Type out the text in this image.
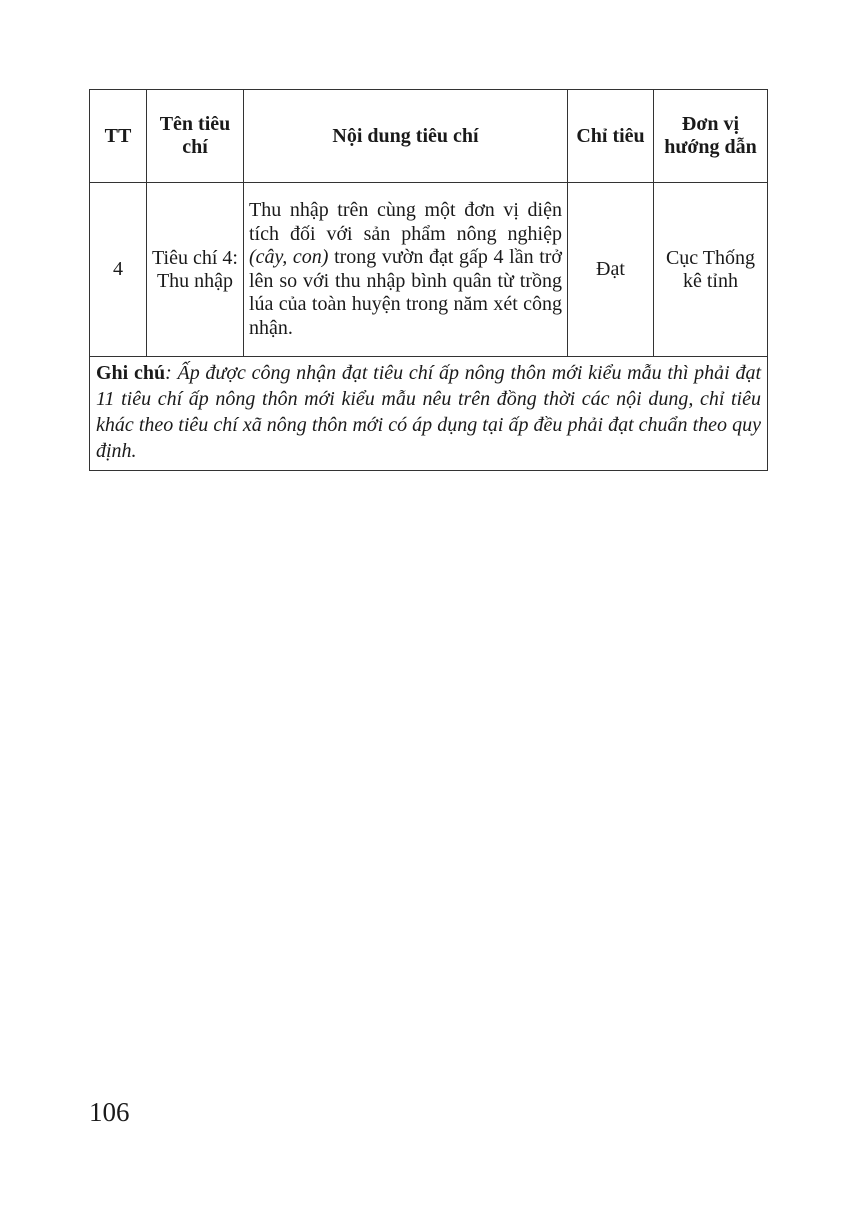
TT	Tên tiêu chí	Nội dung tiêu chí	Chỉ tiêu	Đơn vị hướng dẫn
4	Tiêu chí 4: Thu nhập	Thu nhập trên cùng một đơn vị diện tích đối với sản phẩm nông nghiệp (cây, con) trong vườn đạt gấp 4 lần trở lên so với thu nhập bình quân từ trồng lúa của toàn huyện trong năm xét công nhận.	Đạt	Cục Thống kê tỉnh
Ghi chú: Ấp được công nhận đạt tiêu chí ấp nông thôn mới kiểu mẫu thì phải đạt 11 tiêu chí ấp nông thôn mới kiểu mẫu nêu trên đồng thời các nội dung, chỉ tiêu khác theo tiêu chí xã nông thôn mới có áp dụng tại ấp đều phải đạt chuẩn theo quy định.				
106
